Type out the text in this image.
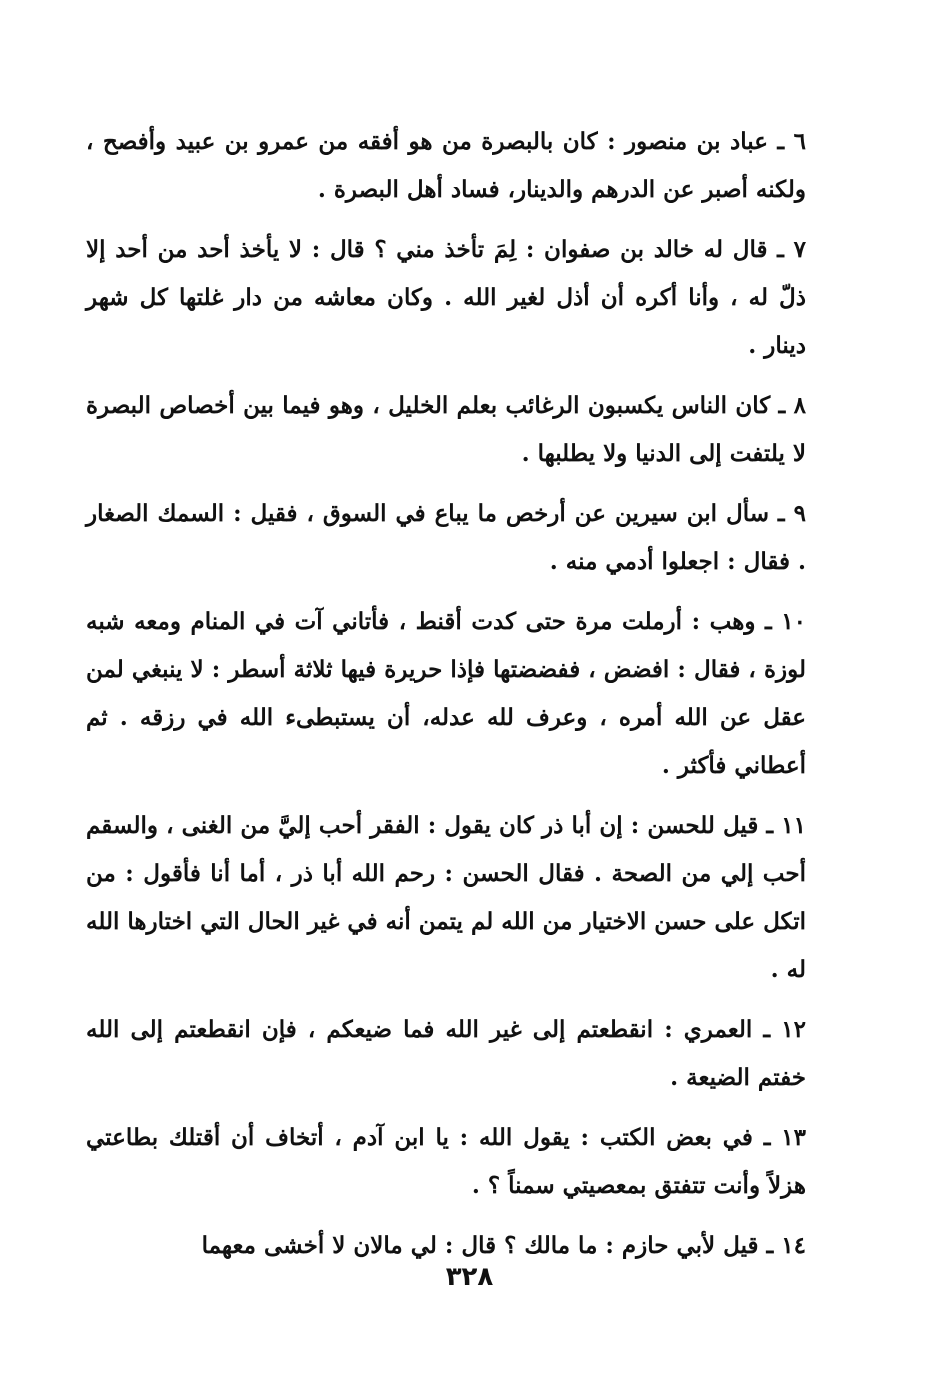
٦ ـ عباد بن منصور : كان بالبصرة من هو أفقه من عمرو بن عبيد وأفصح ، ولكنه أصبر عن الدرهم والدينار، فساد أهل البصرة .

٧ ـ قال له خالد بن صفوان : لِمَ تأخذ مني ؟ قال : لا يأخذ أحد من أحد إلا ذلّ له ، وأنا أكره أن أذل لغير الله . وكان معاشه من دار غلتها كل شهر دينار .

٨ ـ كان الناس يكسبون الرغائب بعلم الخليل ، وهو فيما بين أخصاص البصرة لا يلتفت إلى الدنيا ولا يطلبها .

٩ ـ سأل ابن سيرين عن أرخص ما يباع في السوق ، فقيل : السمك الصغار . فقال : اجعلوا أدمي منه .

١٠ ـ وهب : أرملت مرة حتى كدت أقنط ، فأتاني آت في المنام ومعه شبه لوزة ، فقال : افضض ، ففضضتها فإذا حريرة فيها ثلاثة أسطر : لا ينبغي لمن عقل عن الله أمره ، وعرف لله عدله، أن يستبطىء الله في رزقه . ثم أعطاني فأكثر .

١١ ـ قيل للحسن : إن أبا ذر كان يقول : الفقر أحب إليَّ من الغنى ، والسقم أحب إلي من الصحة . فقال الحسن : رحم الله أبا ذر ، أما أنا فأقول : من اتكل على حسن الاختيار من الله لم يتمن أنه في غير الحال التي اختارها الله له .

١٢ ـ العمري : انقطعتم إلى غير الله فما ضيعكم ، فإن انقطعتم إلى الله خفتم الضيعة .

١٣ ـ في بعض الكتب : يقول الله : يا ابن آدم ، أتخاف أن أقتلك بطاعتي هزلاً وأنت تتفتق بمعصيتي سمناً ؟ .

١٤ ـ قيل لأبي حازم : ما مالك ؟ قال : لي مالان لا أخشى معهما

٣٢٨
